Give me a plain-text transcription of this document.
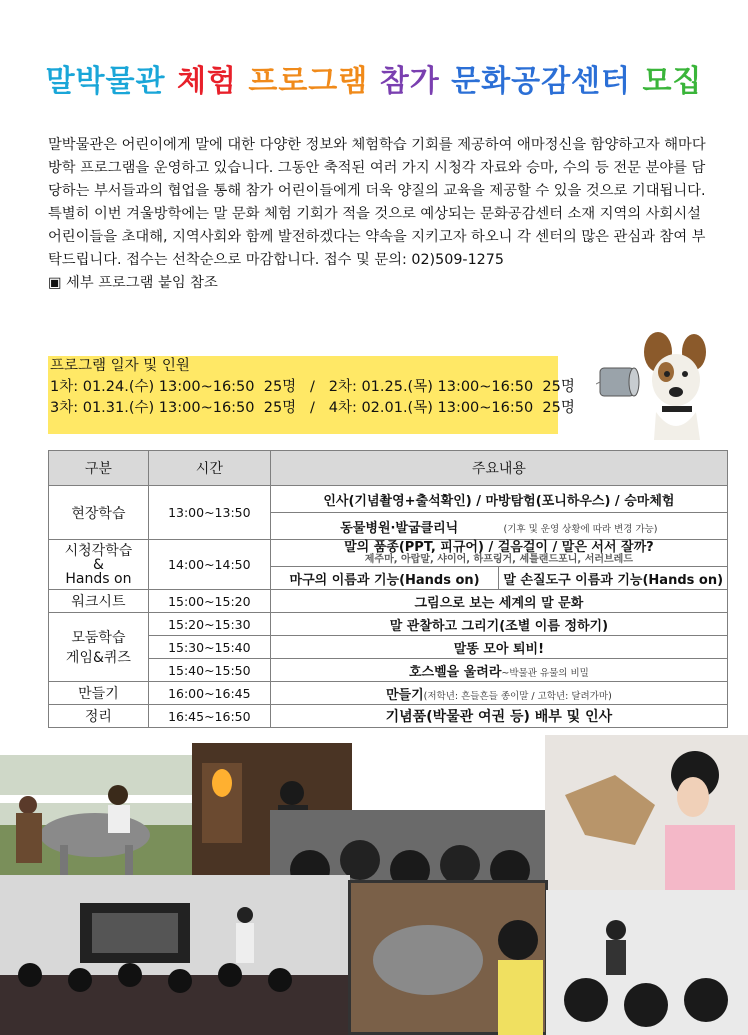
말박물관 체험 프로그램 참가 문화공감센터 모집

말박물관은 어린이에게 말에 대한 다양한 정보와 체험학습 기회를 제공하여 애마정신을 함양하고자 해마다 방학 프로그램을 운영하고 있습니다. 그동안 축적된 여러 가지 시청각 자료와 승마, 수의 등 전문 분야를 담당하는 부서들과의 협업을 통해 참가 어린이들에게 더욱 양질의 교육을 제공할 수 있을 것으로 기대됩니다.

특별히 이번 겨울방학에는 말 문화 체험 기회가 적을 것으로 예상되는 문화공감센터 소재 지역의 사회시설 어린이들을 초대해, 지역사회와 함께 발전하겠다는 약속을 지키고자 하오니 각 센터의 많은 관심과 참여 부탁드립니다. 접수는 선착순으로 마감합니다. 접수 및 문의: 02)509-1275

▣ 세부 프로그램 붙임 참조

프로그램 일자 및 인원
1차: 01.24.(수) 13:00~16:50  25명   /   2차: 01.25.(목) 13:00~16:50  25명
3차: 01.31.(수) 13:00~16:50  25명   /   4차: 02.01.(목) 13:00~16:50  25명
구분	시간	주요내용	
현장학습	13:00~13:50	인사(기념촬영+출석확인) / 마방탐험(포니하우스) / 승마체험	
		동물병원·발굽클리닉 (기후 및 운영 상황에 따라 변경 가능)	
시청각학습
&
Hands on	14:00~14:50	말의 품종(PPT, 피규어) / 걸음걸이 / 말은 서서 잘까?
제주마, 아랍말, 샤이어, 하프링거, 셰틀랜드포니, 서러브레드	

		마구의 이름과 기능(Hands on)	말 손질도구 이름과 기능(Hands on)
워크시트	15:00~15:20	그림으로 보는 세계의 말 문화	
모둠학습
게임&퀴즈	15:20~15:30	말 관찰하고 그리기(조별 이름 정하기)	
	15:30~15:40	말똥 모아 퇴비!	
	15:40~15:50	호스벨을 울려라~박물관 유물의 비밀	
만들기	16:00~16:45	만들기(저학년: 흔들흔들 종이말 / 고학년: 달려가마)	
정리	16:45~16:50	기념품(박물관 여권 등) 배부 및 인사	
